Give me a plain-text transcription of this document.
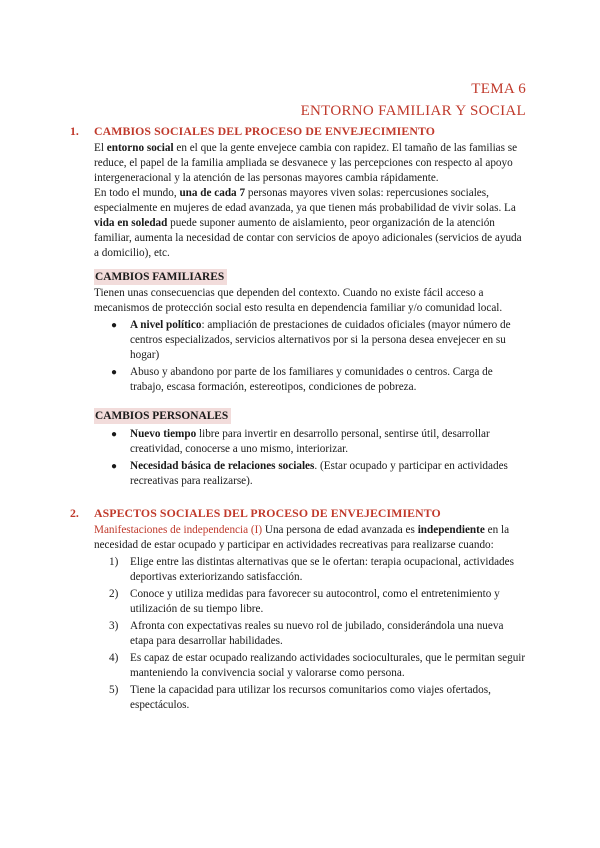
TEMA 6
ENTORNO FAMILIAR Y SOCIAL
1. CAMBIOS SOCIALES DEL PROCESO DE ENVEJECIMIENTO

El entorno social en el que la gente envejece cambia con rapidez. El tamaño de las familias se reduce, el papel de la familia ampliada se desvanece y las percepciones con respecto al apoyo intergeneracional y la atención de las personas mayores cambia rápidamente.

En todo el mundo, una de cada 7 personas mayores viven solas: repercusiones sociales, especialmente en mujeres de edad avanzada, ya que tienen más probabilidad de vivir solas. La vida en soledad puede suponer aumento de aislamiento, peor organización de la atención familiar, aumenta la necesidad de contar con servicios de apoyo adicionales (servicios de ayuda a domicilio), etc.

CAMBIOS FAMILIARES

Tienen unas consecuencias que dependen del contexto. Cuando no existe fácil acceso a mecanismos de protección social esto resulta en dependencia familiar y/o comunidad local.

● A nivel político: ampliación de prestaciones de cuidados oficiales (mayor número de centros especializados, servicios alternativos por si la persona desea envejecer en su hogar)
● Abuso y abandono por parte de los familiares y comunidades o centros. Carga de trabajo, escasa formación, estereotipos, condiciones de pobreza.
CAMBIOS PERSONALES
● Nuevo tiempo libre para invertir en desarrollo personal, sentirse útil, desarrollar creatividad, conocerse a uno mismo, interiorizar.
● Necesidad básica de relaciones sociales. (Estar ocupado y participar en actividades recreativas para realizarse).
2. ASPECTOS SOCIALES DEL PROCESO DE ENVEJECIMIENTO

Manifestaciones de independencia (I) Una persona de edad avanzada es independiente en la necesidad de estar ocupado y participar en actividades recreativas para realizarse cuando:

1) Elige entre las distintas alternativas que se le ofertan: terapia ocupacional, actividades deportivas exteriorizando satisfacción.
2) Conoce y utiliza medidas para favorecer su autocontrol, como el entretenimiento y utilización de su tiempo libre.
3) Afronta con expectativas reales su nuevo rol de jubilado, considerándola una nueva etapa para desarrollar habilidades.
4) Es capaz de estar ocupado realizando actividades socioculturales, que le permitan seguir manteniendo la convivencia social y valorarse como persona.
5) Tiene la capacidad para utilizar los recursos comunitarios como viajes ofertados, espectáculos.
